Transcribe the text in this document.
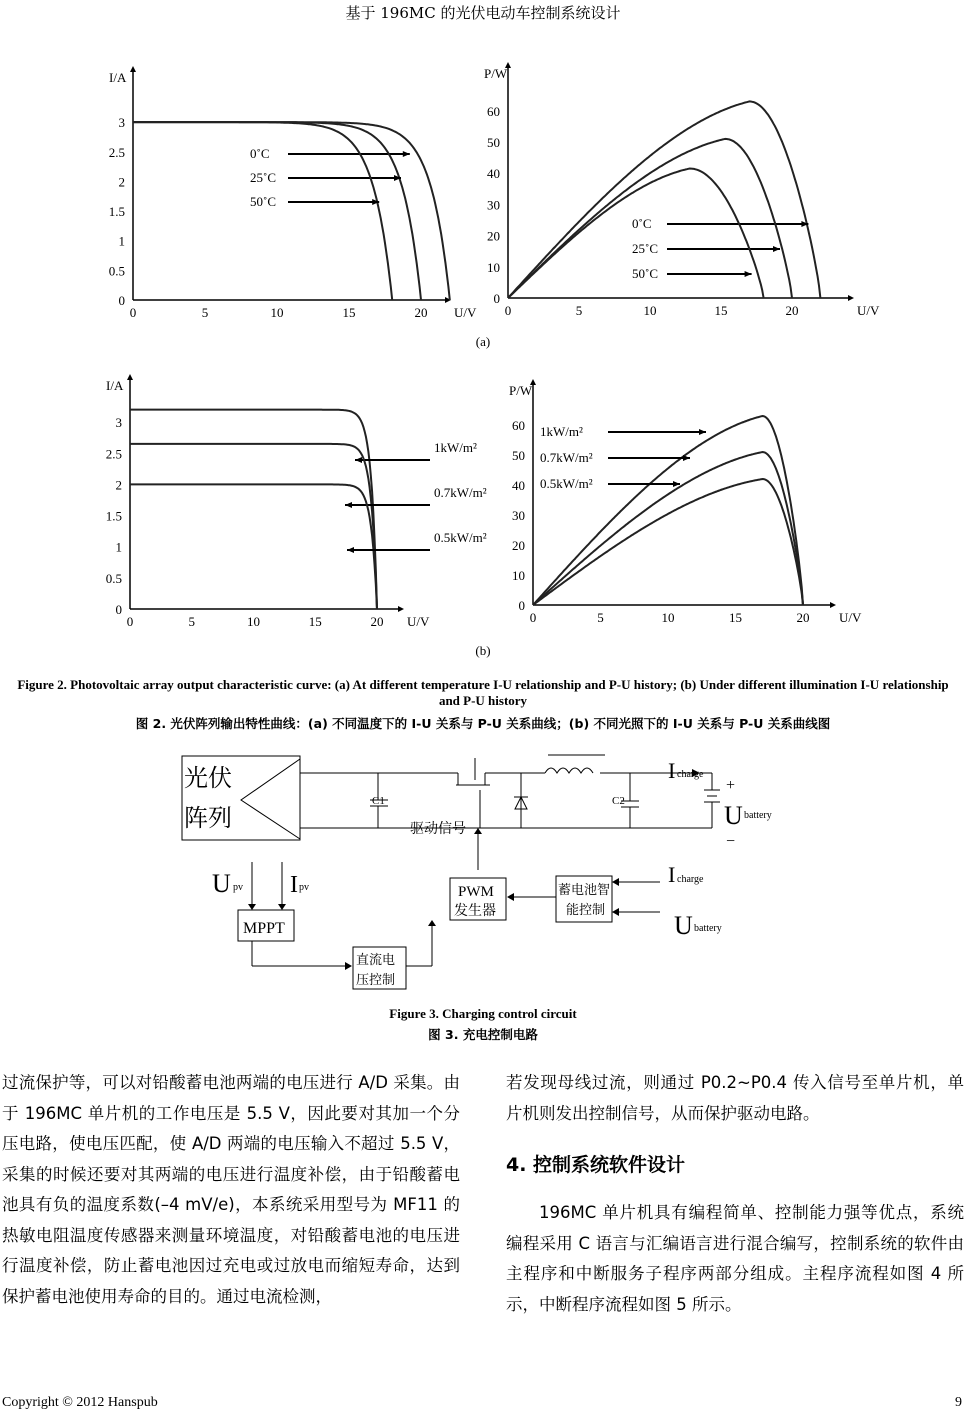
基于 196MC 的光伏电动车控制系统设计
0	5	10	15	20
0
0.5
1
1.5
2
2.5
3
U/V
I/A
0˚C
25˚C
50˚C
0	5	10	15	20
0
10
20
30
40
50
60
U/V
P/W
0˚C
25˚C
50˚C
0	5	10	15	20
0
0.5
1
1.5
2
2.5
3
U/V
I/A
1kW/m²
0.7kW/m²
0.5kW/m²
0	5	10	15	20
0
10
20
30
40
50
60
U/V
P/W
1kW/m²
0.7kW/m²
0.5kW/m²
(a)
(b)
Figure 2. Photovoltaic array output characteristic curve: (a) At different temperature I-U relationship and P-U history; (b) Under different illumination I-U relationship and P-U history
图 2. 光伏阵列输出特性曲线：(a) 不同温度下的 I-U 关系与 P-U 关系曲线；(b) 不同光照下的 I-U 关系与 P-U 关系曲线图
光伏
阵列
C1	C2
驱动信号
I charge
+
−
U battery
I charge
U battery
U pv I pv
MPPT
PWM
发生器
蓄电池智
能控制
直流电
压控制
Figure 3. Charging control circuit
图 3. 充电控制电路
过流保护等，可以对铅酸蓄电池两端的电压进行 A/D 采集。由于 196MC 单片机的工作电压是 5.5 V，因此要对其加一个分压电路，使电压匹配，使 A/D 两端的电压输入不超过 5.5 V，采集的时候还要对其两端的电压进行温度补偿，由于铅酸蓄电池具有负的温度系数(–4 mV/e)，本系统采用型号为 MF11 的热敏电阻温度传感器来测量环境温度，对铅酸蓄电池的电压进行温度补偿，防止蓄电池因过充电或过放电而缩短寿命，达到保护蓄电池使用寿命的目的。通过电流检测，
若发现母线过流，则通过 P0.2~P0.4 传入信号至单片机，单片机则发出控制信号，从而保护驱动电路。
4. 控制系统软件设计
196MC 单片机具有编程简单、控制能力强等优点，系统编程采用 C 语言与汇编语言进行混合编写，控制系统的软件由主程序和中断服务子程序两部分组成。主程序流程如图 4 所示，中断程序流程如图 5 所示。
Copyright © 2012 Hanspub	9
